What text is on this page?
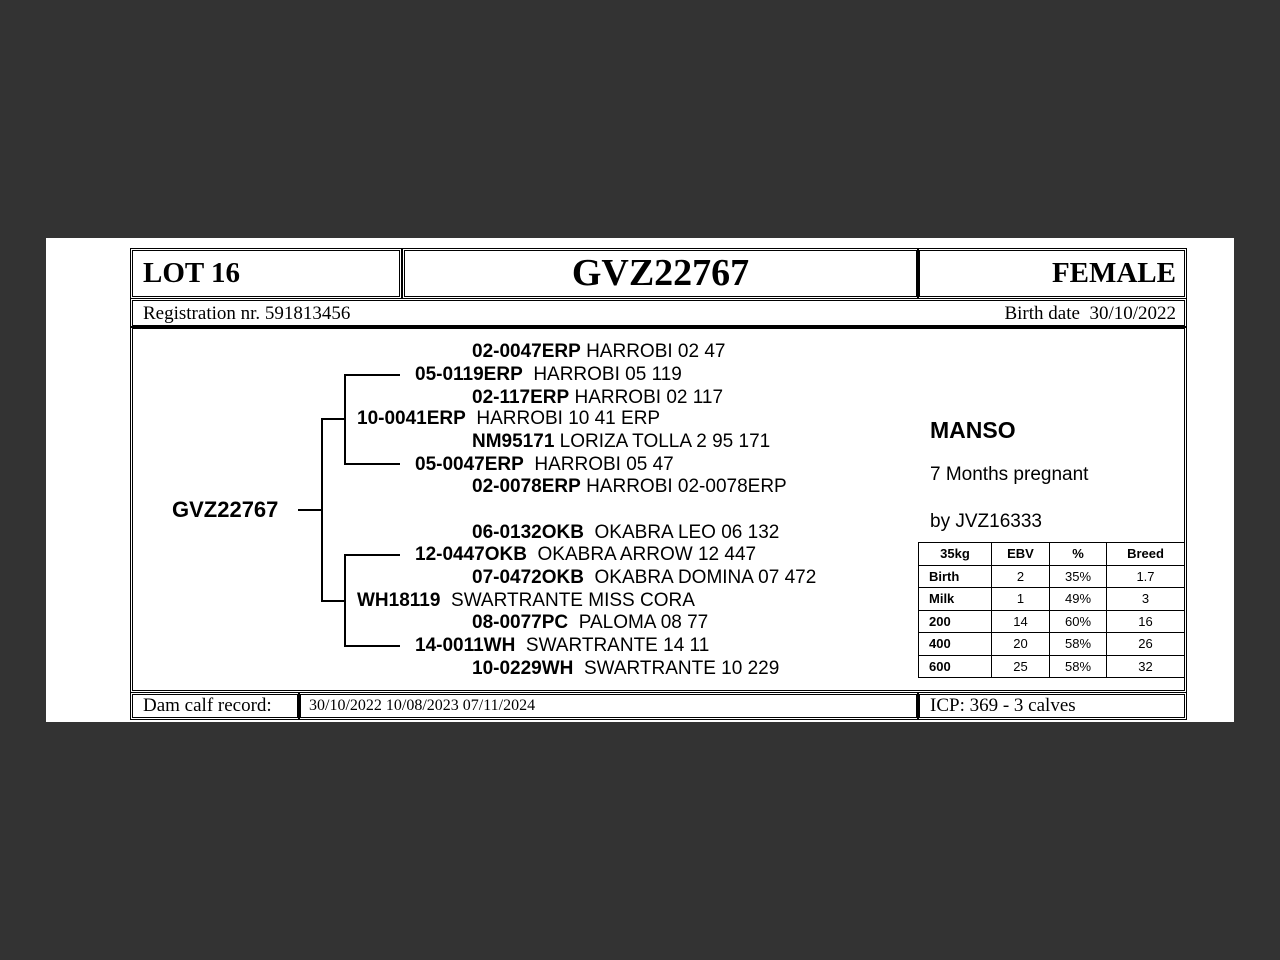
LOT 16	GVZ22767	FEMALE
Registration nr. 591813456	Birth date 30/10/2022
GVZ22767
02-0047ERP HARROBI 02 47
05-0119ERP HARROBI 05 119
02-117ERP HARROBI 02 117
10-0041ERP HARROBI 10 41 ERP
NM95171 LORIZA TOLLA 2 95 171
05-0047ERP HARROBI 05 47
02-0078ERP HARROBI 02-0078ERP
06-0132OKB OKABRA LEO 06 132
12-0447OKB OKABRA ARROW 12 447
07-0472OKB OKABRA DOMINA 07 472
WH18119 SWARTRANTE MISS CORA
08-0077PC PALOMA 08 77
14-0011WH SWARTRANTE 14 11
10-0229WH SWARTRANTE 10 229
MANSO
7 Months pregnant
by JVZ16333
35kg	EBV	%	Breed
Birth	2	35%	1.7
Milk	1	49%	3
200	14	60%	16
400	20	58%	26
600	25	58%	32
Dam calf record:	30/10/2022 10/08/2023 07/11/2024	ICP: 369 - 3 calves
